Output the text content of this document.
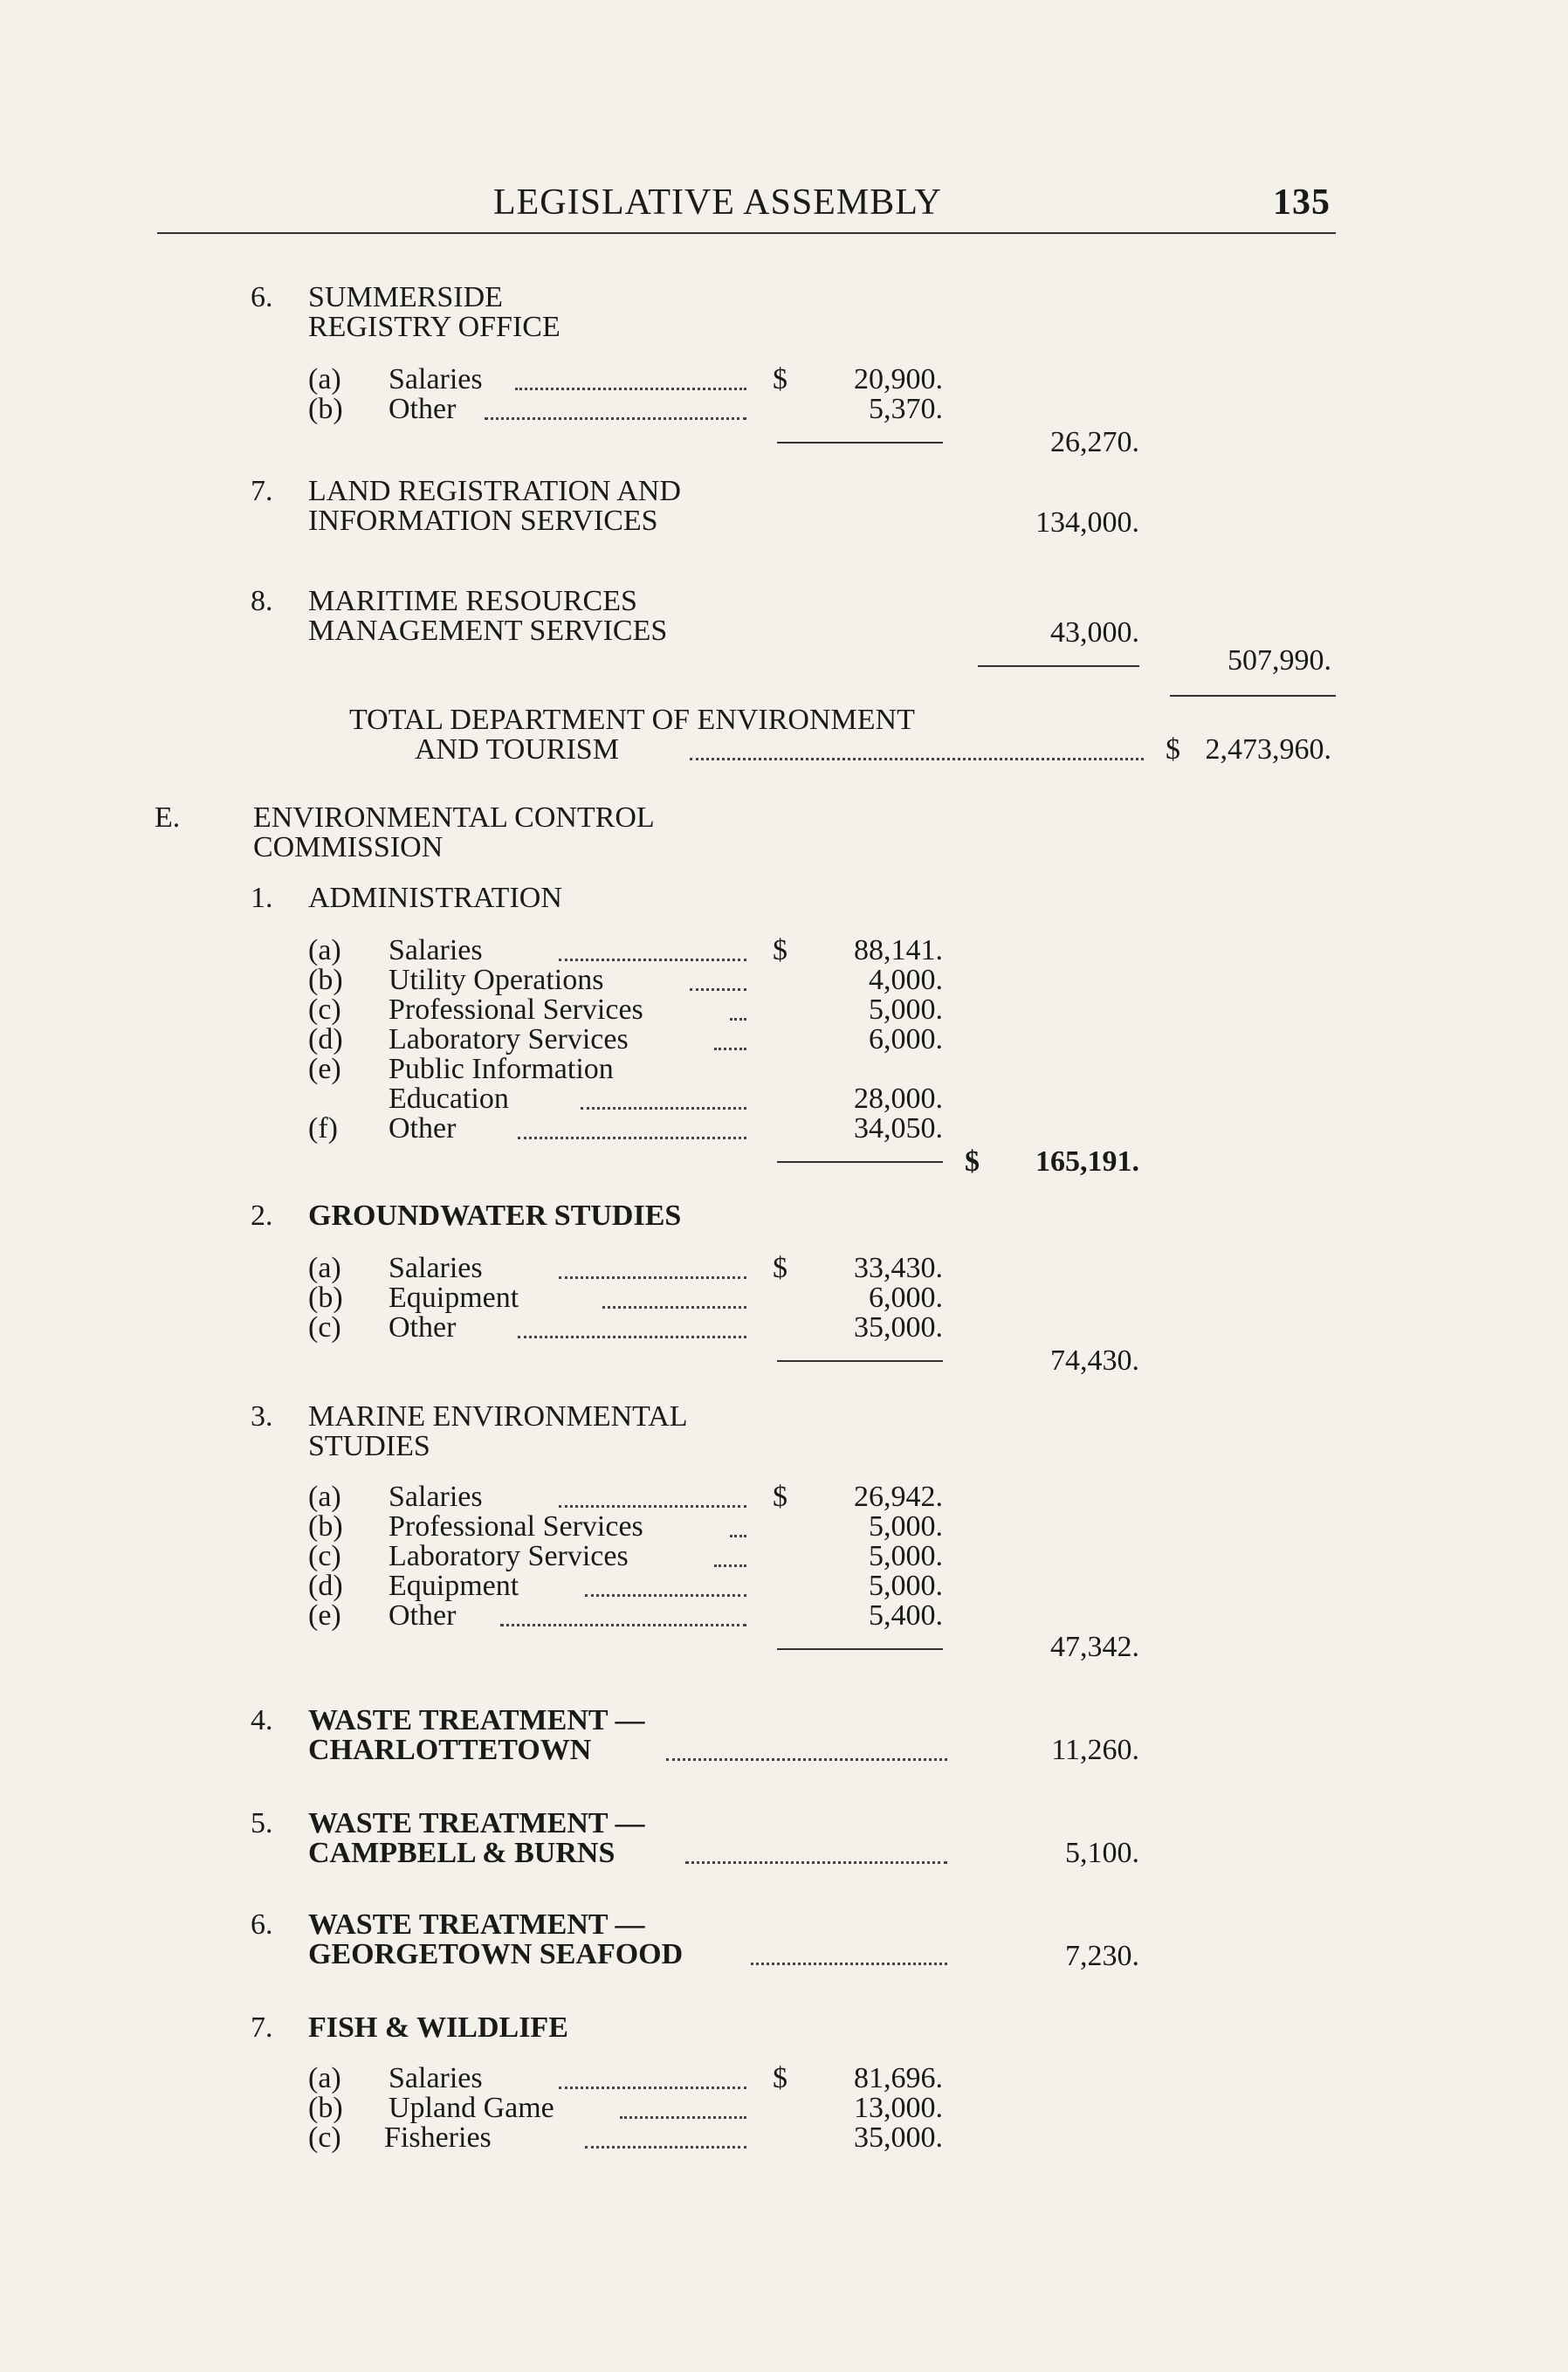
LEGISLATIVE ASSEMBLY	135
6. SUMMERSIDE
REGISTRY OFFICE
(a) Salaries	$	20,900.
(b) Other	5,370.
26,270.
7. LAND REGISTRATION AND
INFORMATION SERVICES	134,000.
8. MARITIME RESOURCES
MANAGEMENT SERVICES	43,000.
507,990.
TOTAL DEPARTMENT OF ENVIRONMENT
AND TOURISM	$ 2,473,960.
E. ENVIRONMENTAL CONTROL
COMMISSION
1. ADMINISTRATION
(a) Salaries	$	88,141.
(b) Utility Operations	4,000.
(c) Professional Services	5,000.
(d) Laboratory Services	6,000.
(e) Public Information
Education	28,000.
(f) Other	34,050.
$	165,191.
2. GROUNDWATER STUDIES
(a) Salaries	$	33,430.
(b) Equipment	6,000.
(c) Other	35,000.
74,430.
3. MARINE ENVIRONMENTAL
STUDIES
(a) Salaries	$	26,942.
(b) Professional Services	5,000.
(c) Laboratory Services	5,000.
(d) Equipment	5,000.
(e) Other	5,400.
47,342.
4. WASTE TREATMENT —
CHARLOTTETOWN	11,260.
5. WASTE TREATMENT —
CAMPBELL & BURNS	5,100.
6. WASTE TREATMENT —
GEORGETOWN SEAFOOD	7,230.
7. FISH & WILDLIFE
(a) Salaries	$	81,696.
(b) Upland Game	13,000.
(c) Fisheries	35,000.
